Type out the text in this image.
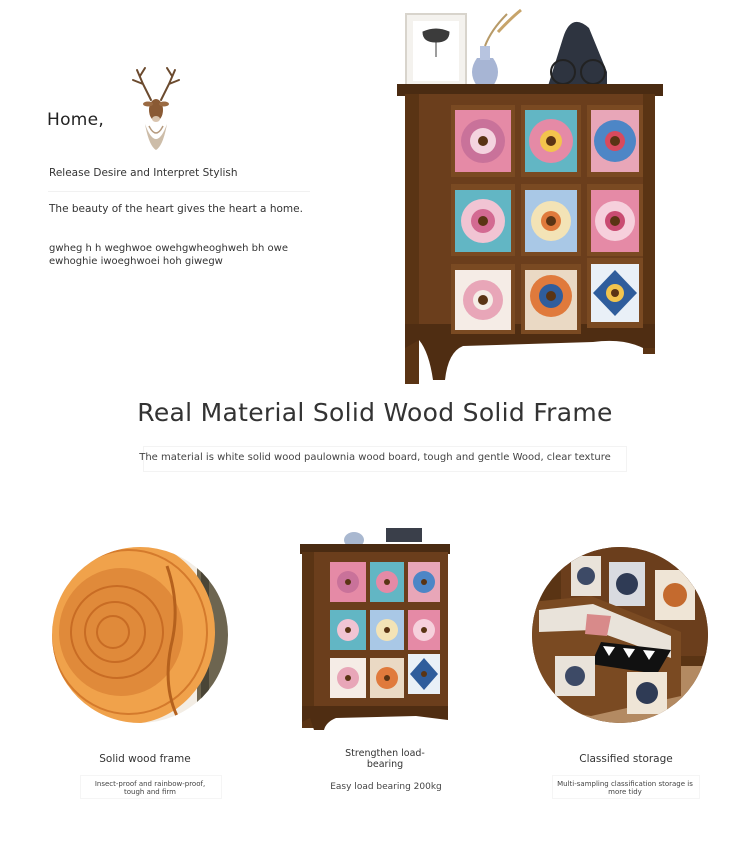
Home,
Release Desire and Interpret Stylish
The beauty of the heart gives the heart a home.
gwheg h h weghwoe owehgwheoghweh bh owe ewhoghie iwoeghwoei hoh giwegw
Real Material Solid Wood Solid Frame
The material is white solid wood paulownia wood board, tough and gentle Wood, clear texture
Solid wood frame
Insect-proof and rainbow-proof, tough and firm
Strengthen load-bearing
Easy load bearing 200kg
Classified storage
Multi-sampling classification storage is more tidy
